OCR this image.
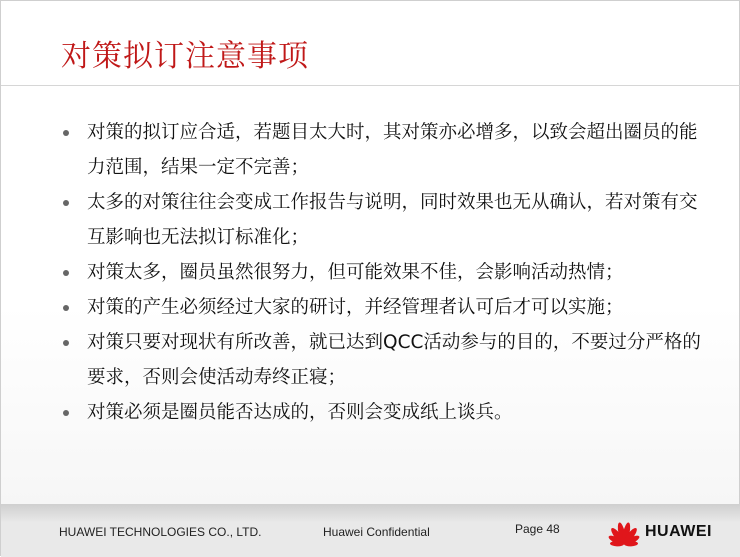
对策拟订注意事项
对策的拟订应合适，若题目太大时，其对策亦必增多，以致会超出圈员的能力范围，结果一定不完善；
太多的对策往往会变成工作报告与说明，同时效果也无从确认，若对策有交互影响也无法拟订标准化；
对策太多，圈员虽然很努力，但可能效果不佳，会影响活动热情；
对策的产生必须经过大家的研讨，并经管理者认可后才可以实施；
对策只要对现状有所改善，就已达到QCC活动参与的目的，不要过分严格的要求，否则会使活动寿终正寝；
对策必须是圈员能否达成的，否则会变成纸上谈兵。
HUAWEI TECHNOLOGIES CO., LTD.	Huawei Confidential	Page 48	HUAWEI
